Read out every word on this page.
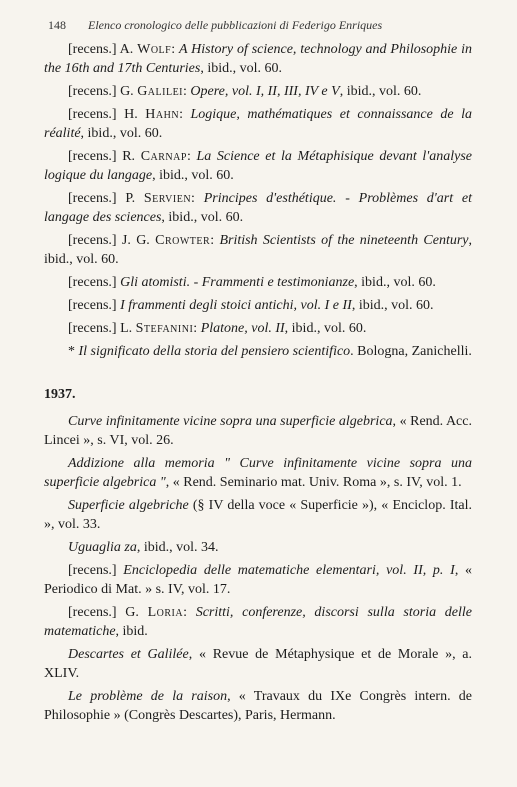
148 Elenco cronologico delle pubblicazioni di Federigo Enriques
[recens.] A. Wolf: A History of science, technology and Philosophie in the 16th and 17th Centuries, ibid., vol. 60.
[recens.] G. Galilei: Opere, vol. I, II, III, IV e V, ibid., vol. 60.
[recens.] H. Hahn: Logique, mathématiques et connaissance de la réalité, ibid., vol. 60.
[recens.] R. Carnap: La Science et la Métaphisique devant l'analyse logique du langage, ibid., vol. 60.
[recens.] P. Servien: Principes d'esthétique. - Problèmes d'art et langage des sciences, ibid., vol. 60.
[recens.] J. G. Crowter: British Scientists of the nineteenth Century, ibid., vol. 60.
[recens.] Gli atomisti. - Frammenti e testimonianze, ibid., vol. 60.
[recens.] I frammenti degli stoici antichi, vol. I e II, ibid., vol. 60.
[recens.] L. Stefanini: Platone, vol. II, ibid., vol. 60.
* Il significato della storia del pensiero scientifico. Bologna, Zanichelli.
1937.
Curve infinitamente vicine sopra una superficie algebrica, « Rend. Acc. Lincei », s. VI, vol. 26.
Addizione alla memoria " Curve infinitamente vicine sopra una superficie algebrica ", « Rend. Seminario mat. Univ. Roma », s. IV, vol. 1.
Superficie algebriche (§ IV della voce « Superficie »), « Enciclop. Ital. », vol. 33.
Uguaglia za, ibid., vol. 34.
[recens.] Enciclopedia delle matematiche elementari, vol. II, p. I, « Periodico di Mat. » s. IV, vol. 17.
[recens.] G. Loria: Scritti, conferenze, discorsi sulla storia delle matematiche, ibid.
Descartes et Galilée, « Revue de Métaphysique et de Morale », a. XLIV.
Le problème de la raison, « Travaux du IXe Congrès intern. de Philosophie » (Congrès Descartes), Paris, Hermann.
